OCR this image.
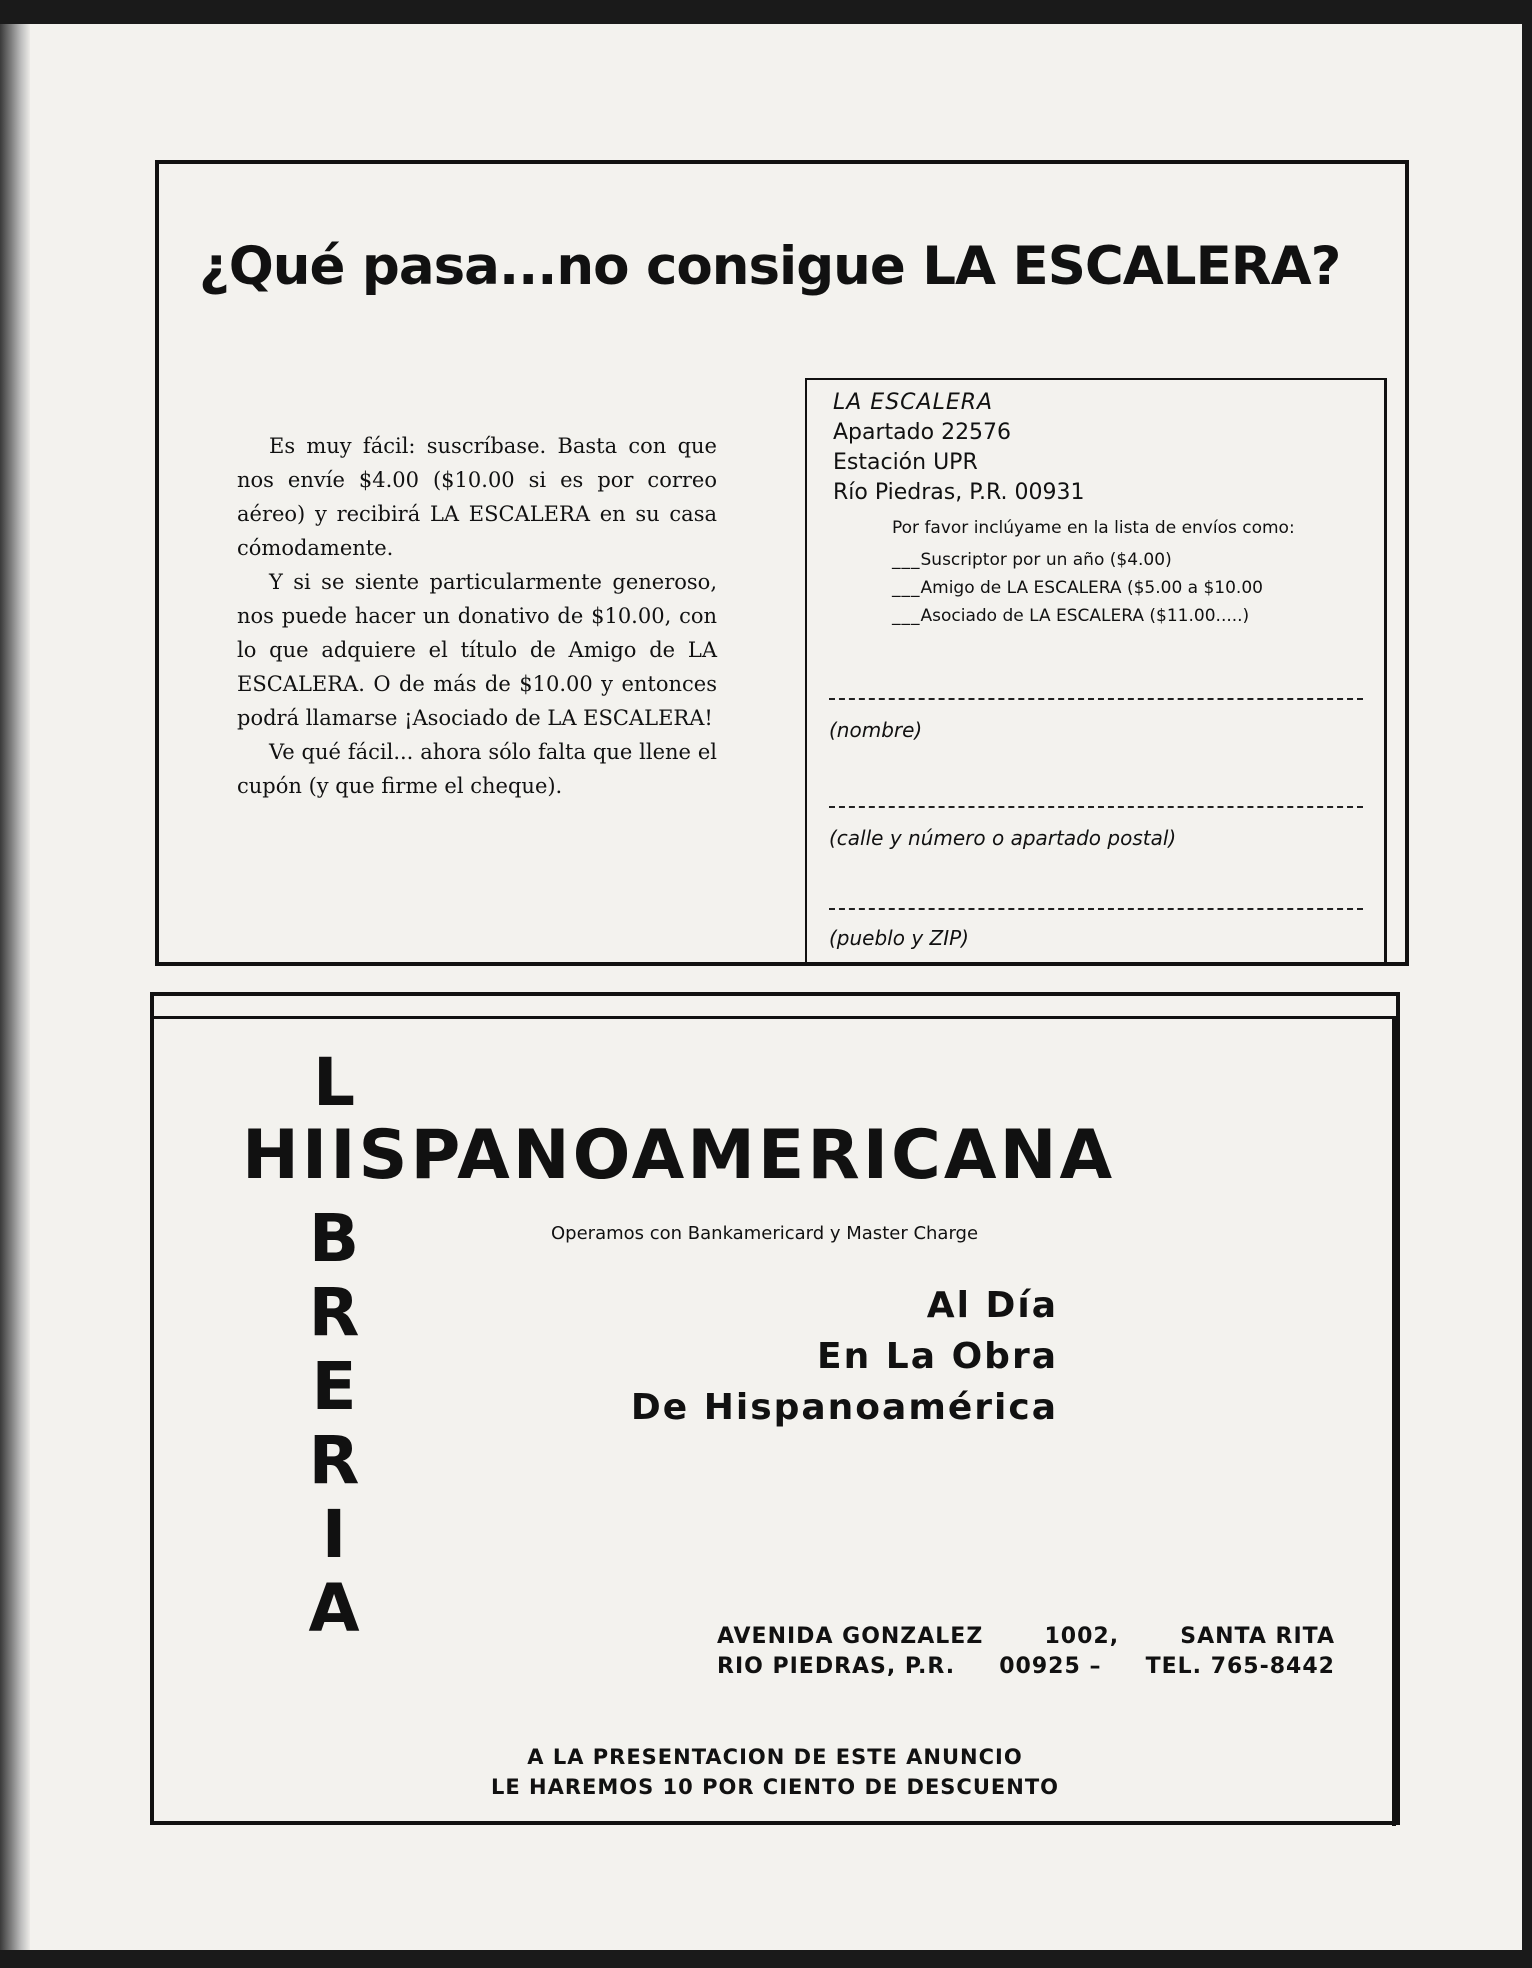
¿Qué pasa...no consigue LA ESCALERA?

Es muy fácil: suscríbase. Basta con que nos envíe $4.00 ($10.00 si es por correo aéreo) y recibirá LA ESCALERA en su casa cómodamente.

Y si se siente particularmente generoso, nos puede hacer un donativo de $10.00, con lo que adquiere el título de Amigo de LA ESCALERA. O de más de $10.00 y entonces podrá llamarse ¡Asociado de LA ESCALERA!

Ve qué fácil... ahora sólo falta que llene el cupón (y que firme el cheque).

LA ESCALERA
Apartado 22576
Estación UPR
Río Piedras, P.R. 00931
Por favor inclúyame en la lista de envíos como:
___Suscriptor por un año ($4.00)
___Amigo de LA ESCALERA ($5.00 a $10.00
___Asociado de LA ESCALERA ($11.00.....)
(nombre)
(calle y número o apartado postal)
(pueblo y ZIP)
L
HIISPANOAMERICANA
B
R
E
R
I
A
Operamos con Bankamericard y Master Charge
Al Día
En La Obra
De Hispanoamérica
AVENIDA GONZALEZ	1002,	SANTA RITA
RIO PIEDRAS, P.R. 00925 – TEL. 765-8442
A LA PRESENTACION DE ESTE ANUNCIO
LE HAREMOS 10 POR CIENTO DE DESCUENTO
